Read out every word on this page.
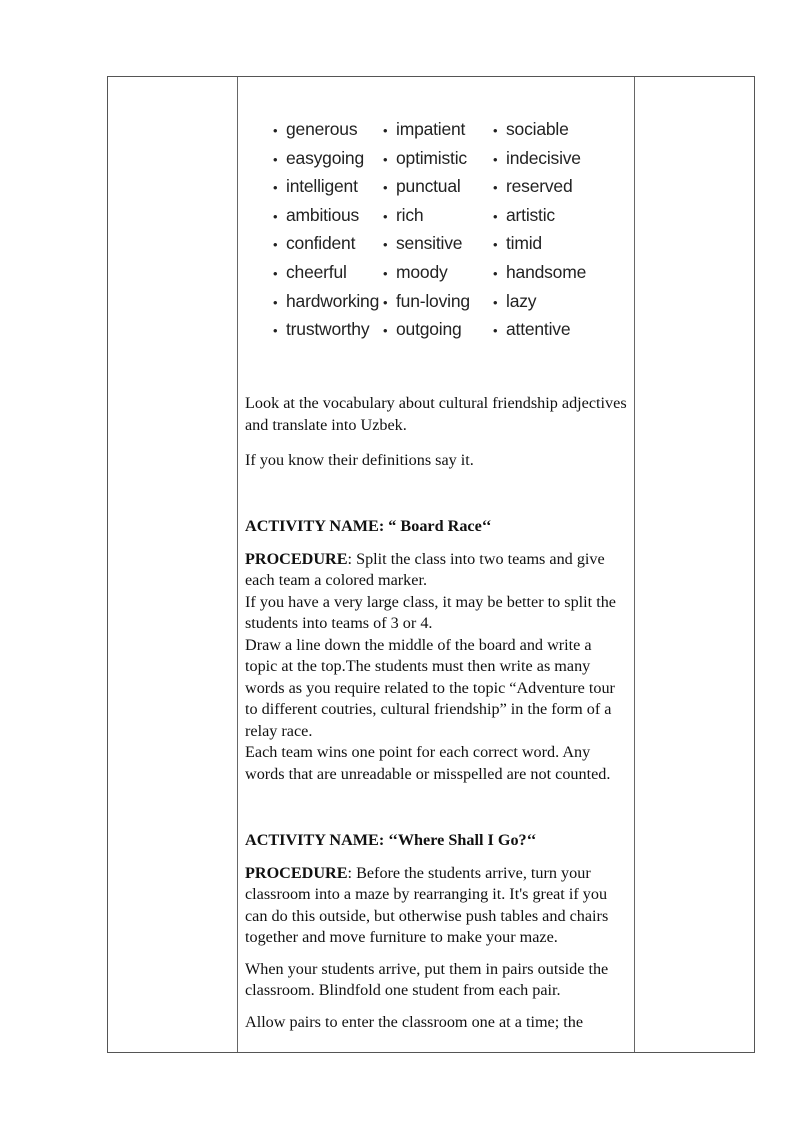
• generous
• easygoing
• intelligent
• ambitious
• confident
• cheerful
• hardworking
• trustworthy
• impatient
• optimistic
• punctual
• rich
• sensitive
• moody
• fun-loving
• outgoing
• sociable
• indecisive
• reserved
• artistic
• timid
• handsome
• lazy
• attentive

Look at the vocabulary about cultural friendship adjectives and translate into Uzbek.

If you know their definitions say it.

ACTIVITY NAME: “ Board Race‘‘

PROCEDURE: Split the class into two teams and give each team a colored marker.

If you have a very large class, it may be better to split the students into teams of 3 or 4.

Draw a line down the middle of the board and write a topic at the top.The students must then write as many words as you require related to the topic “Adventure tour to different coutries, cultural friendship” in the form of a relay race.

Each team wins one point for each correct word. Any words that are unreadable or misspelled are not counted.

ACTIVITY NAME: ‘‘Where Shall I Go?‘‘

PROCEDURE: Before the students arrive, turn your classroom into a maze by rearranging it. It's great if you can do this outside, but otherwise push tables and chairs together and move furniture to make your maze.

When your students arrive, put them in pairs outside the classroom. Blindfold one student from each pair.

Allow pairs to enter the classroom one at a time; the
